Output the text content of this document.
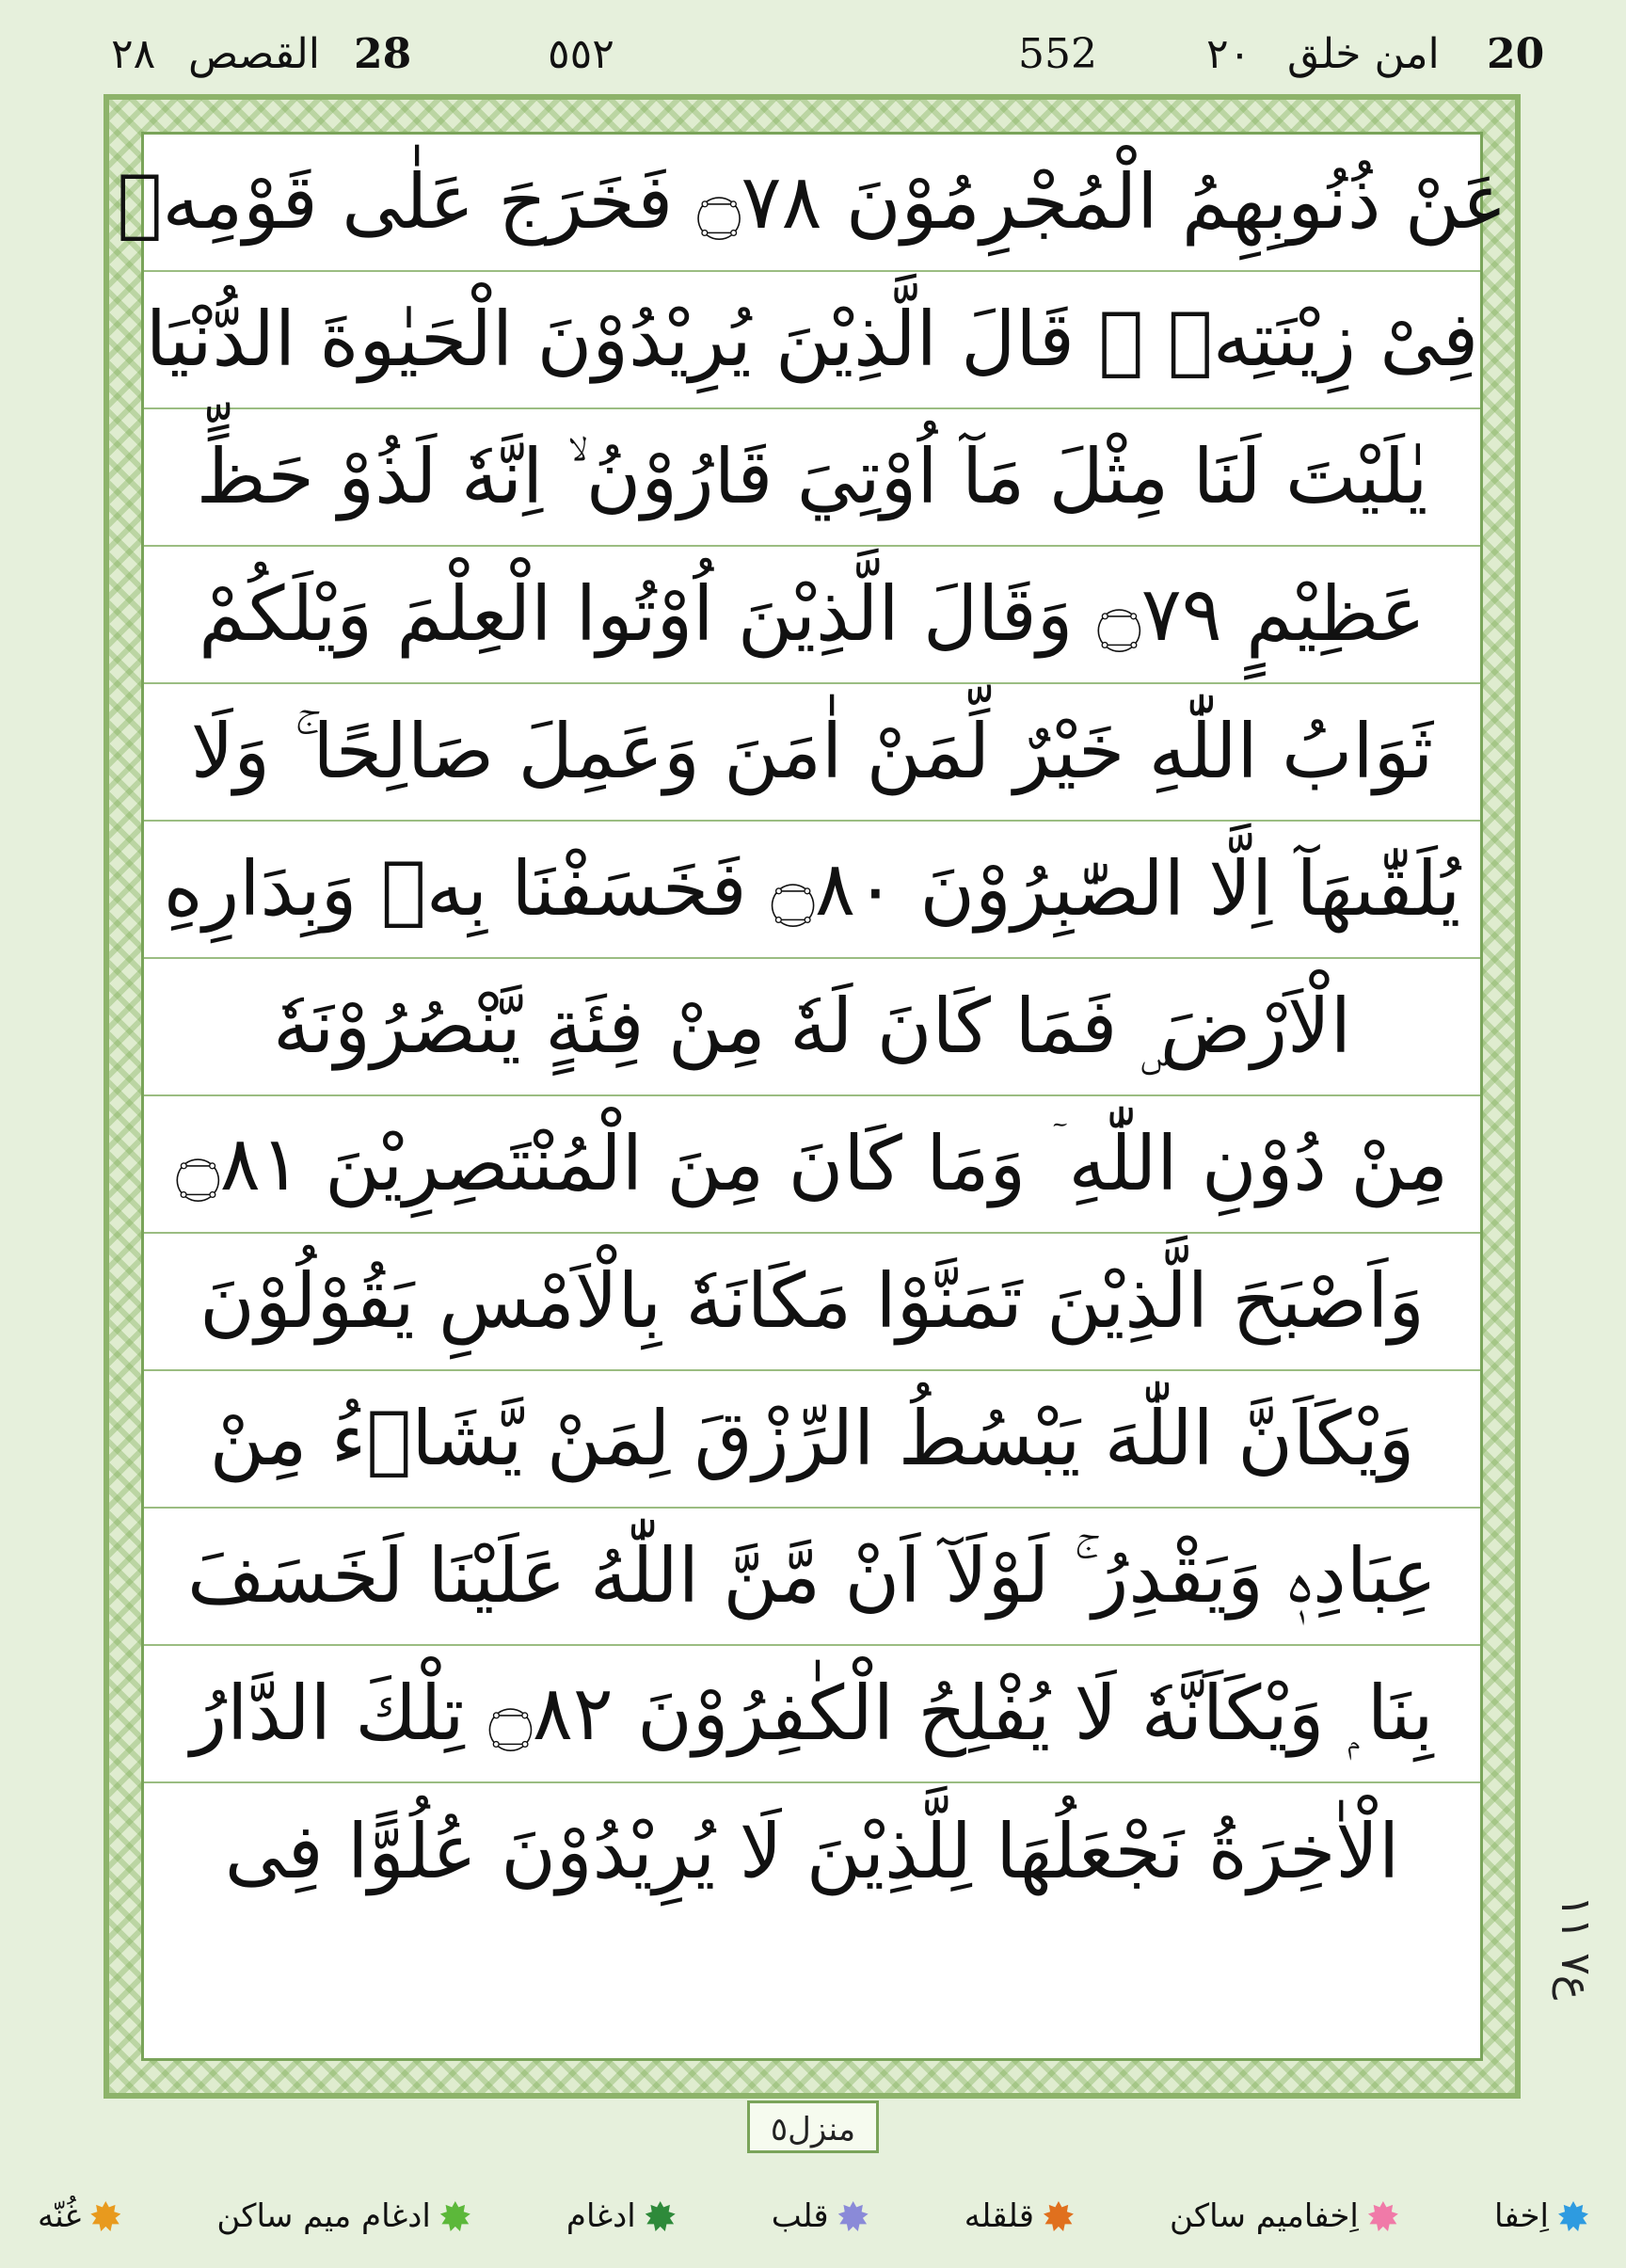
٢٨ القصص 28	٥٥٢	552	٢٠ امن خلق 20
عَنْ ذُنُوبِهِمُ الْمُجْرِمُوْنَ ۝٧٨ فَخَرَجَ عَلٰى قَوْمِهٖ
فِىْ زِيْنَتِهٖ ۭ قَالَ الَّذِيْنَ يُرِيْدُوْنَ الْحَيٰوةَ الدُّنْيَا
يٰلَيْتَ لَنَا مِثْلَ مَآ اُوْتِيَ قَارُوْنُ ۙ اِنَّهٗ لَذُوْ حَظٍّ
عَظِيْمٍ ۝٧٩ وَقَالَ الَّذِيْنَ اُوْتُوا الْعِلْمَ وَيْلَكُمْ
ثَوَابُ اللّٰهِ خَيْرٌ لِّمَنْ اٰمَنَ وَعَمِلَ صَالِحًا ۚ وَلَا
يُلَقّٰىهَآ اِلَّا الصّٰبِرُوْنَ ۝٨٠ فَخَسَفْنَا بِهٖ وَبِدَارِهِ
الْاَرْضَ ۣ فَمَا كَانَ لَهٗ مِنْ فِئَةٍ يَّنْصُرُوْنَهٗ
مِنْ دُوْنِ اللّٰهِ ۤ وَمَا كَانَ مِنَ الْمُنْتَصِرِيْنَ ۝٨١
وَاَصْبَحَ الَّذِيْنَ تَمَنَّوْا مَكَانَهٗ بِالْاَمْسِ يَقُوْلُوْنَ
وَيْكَاَنَّ اللّٰهَ يَبْسُطُ الرِّزْقَ لِمَنْ يَّشَاۗءُ مِنْ
عِبَادِهٖ وَيَقْدِرُ ۚ لَوْلَآ اَنْ مَّنَّ اللّٰهُ عَلَيْنَا لَخَسَفَ
بِنَا ۭ وَيْكَاَنَّهٗ لَا يُفْلِحُ الْكٰفِرُوْنَ ۝٨٢ تِلْكَ الدَّارُ
الْاٰخِرَةُ نَجْعَلُهَا لِلَّذِيْنَ لَا يُرِيْدُوْنَ عُلُوًّا فِى
ع٧ ١١
منزل٥
اِخفا
اِخفامیم ساکن
قلقله
قلب
ادغام
ادغام میم ساکن
غُنّه
